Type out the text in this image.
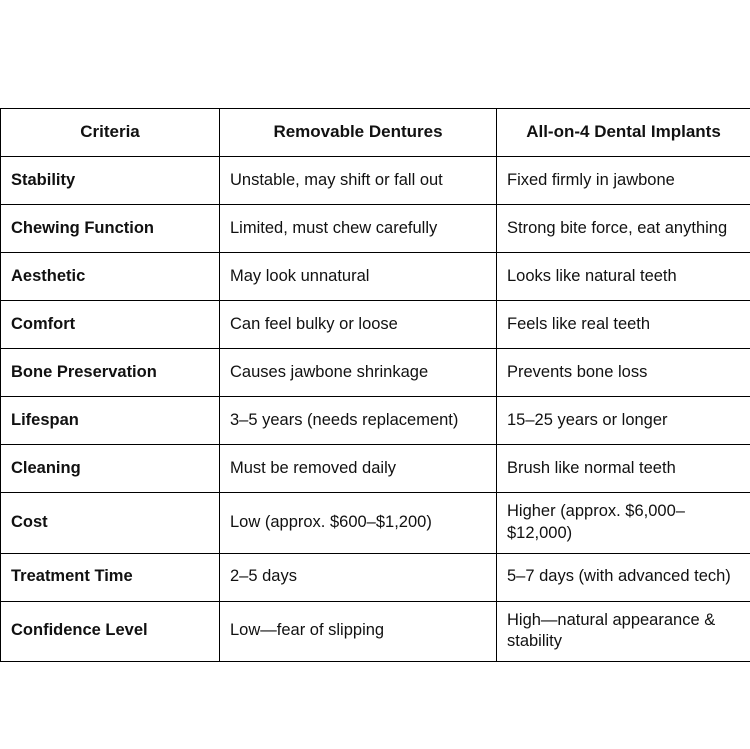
Criteria	Removable Dentures	All-on-4 Dental Implants
Stability	Unstable, may shift or fall out	Fixed firmly in jawbone
Chewing Function	Limited, must chew carefully	Strong bite force, eat anything
Aesthetic	May look unnatural	Looks like natural teeth
Comfort	Can feel bulky or loose	Feels like real teeth
Bone Preservation	Causes jawbone shrinkage	Prevents bone loss
Lifespan	3–5 years (needs replacement)	15–25 years or longer
Cleaning	Must be removed daily	Brush like normal teeth
Cost	Low (approx. $600–$1,200)	Higher (approx. $6,000–$12,000)
Treatment Time	2–5 days	5–7 days (with advanced tech)
Confidence Level	Low—fear of slipping	High—natural appearance & stability
